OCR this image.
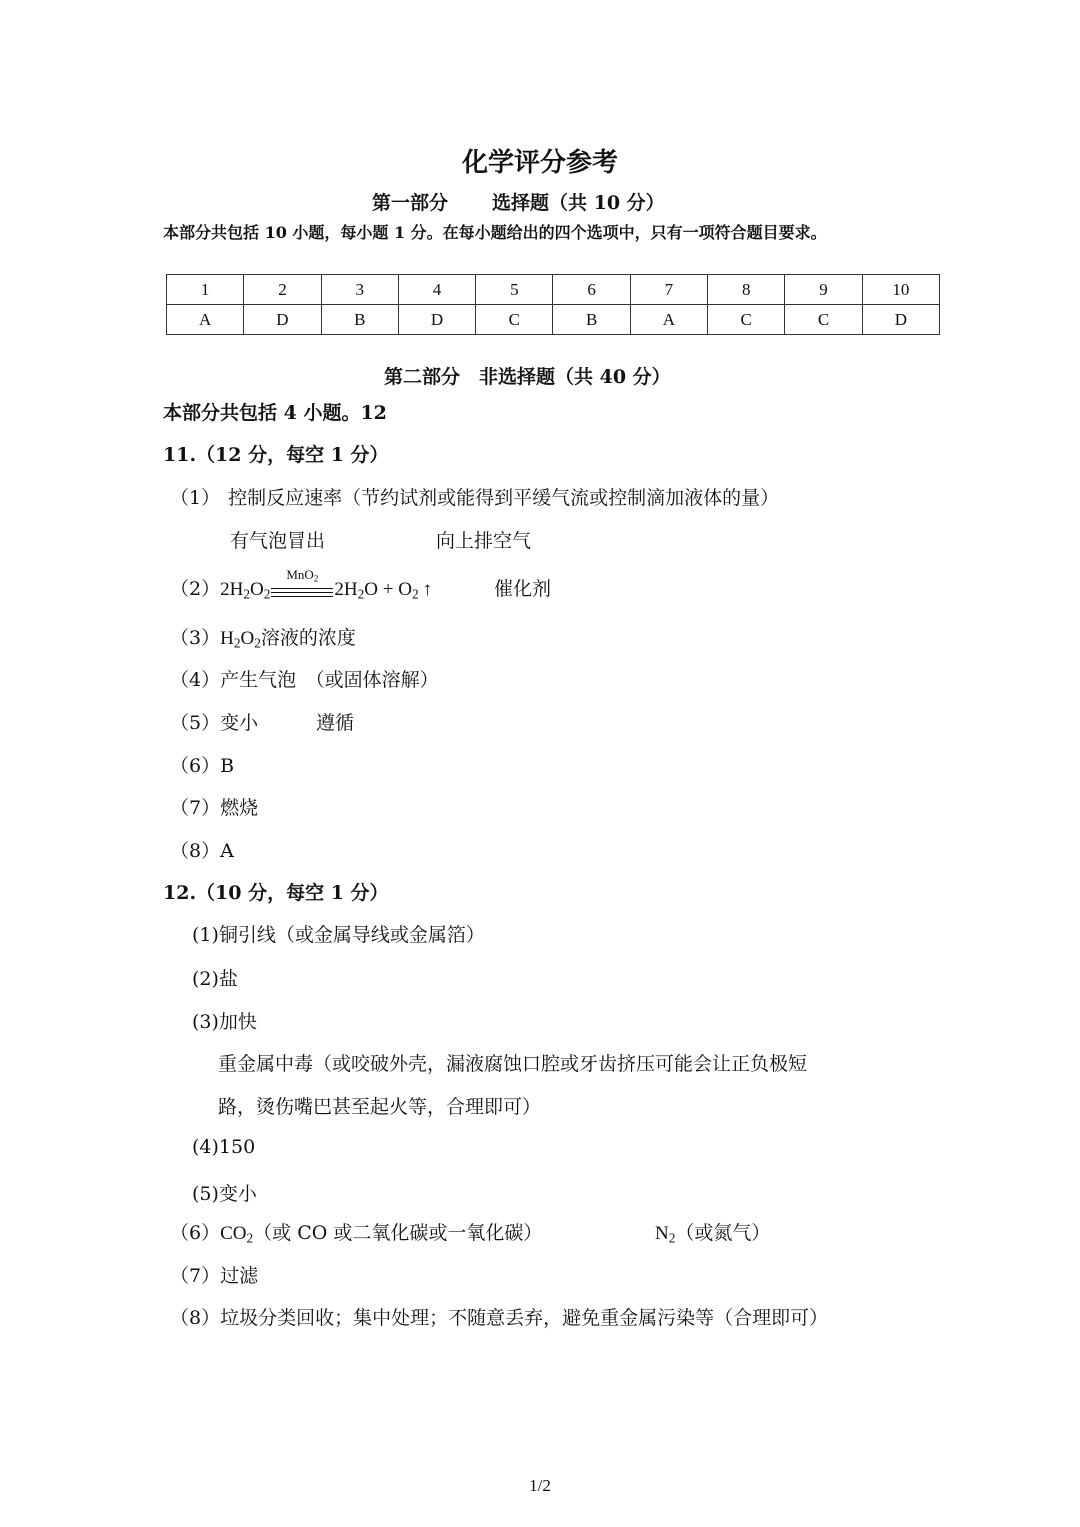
化学评分参考
第一部分 选择题（共 10 分）
本部分共包括 10 小题，每小题 1 分。在每小题给出的四个选项中，只有一项符合题目要求。
1	2	3	4	5	6	7	8	9	10
A	D	B	D	C	B	A	C	C	D
第二部分　非选择题（共 40 分）
本部分共包括 4 小题。12
11.（12 分，每空 1 分）
（1） 控制反应速率（节约试剂或能得到平缓气流或控制滴加液体的量）
有气泡冒出	向上排空气
$(2)2H_2O_2$
MnO$_2$
$2H_2O + O_2$ ↑	催化剂
$(3)H_2O_2$溶液的浓度
（4）产生气泡　（或固体溶解）
（5）变小	遵循
（6）B
（7）燃烧
（8）A
12.（10 分，每空 1 分）
(1)铜引线（或金属导线或金属箔）
(2)盐
(3)加快
重金属中毒（或咬破外壳，漏液腐蚀口腔或牙齿挤压可能会让正负极短
路，烫伤嘴巴甚至起火等，合理即可）
(4)150
(5)变小
$(6)CO_2$（或 CO 或二氧化碳或一氧化碳）	$N_2$（或氮气）
（7）过滤
（8）垃圾分类回收；集中处理；不随意丢弃，避免重金属污染等（合理即可）
1/2
